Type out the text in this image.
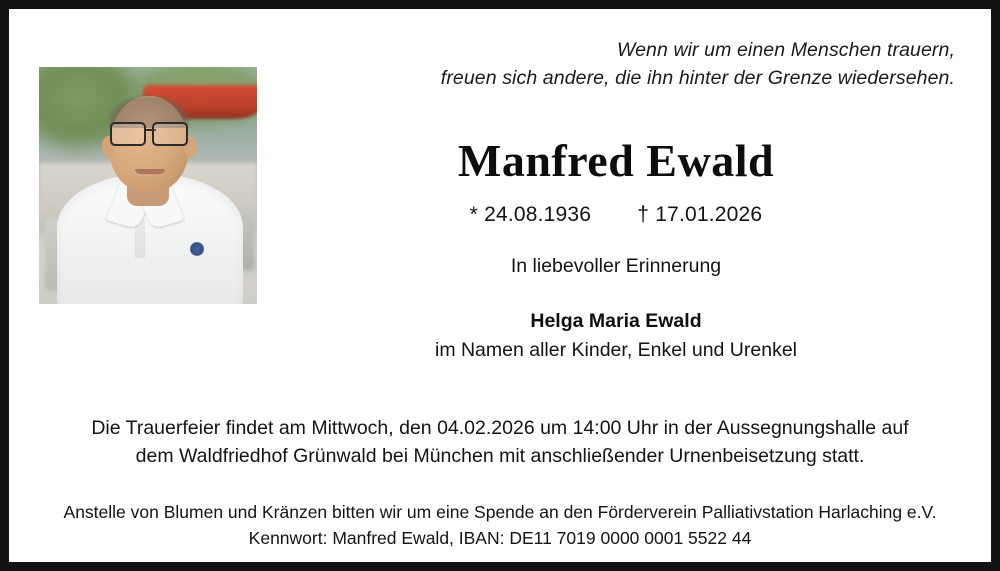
Wenn wir um einen Menschen trauern,
freuen sich andere, die ihn hinter der Grenze wiedersehen.
Manfred Ewald
* 24.08.1936 † 17.01.2026
In liebevoller Erinnerung
Helga Maria Ewald
im Namen aller Kinder, Enkel und Urenkel
Die Trauerfeier findet am Mittwoch, den 04.02.2026 um 14:00 Uhr in der Aussegnungshalle auf
dem Waldfriedhof Grünwald bei München mit anschließender Urnenbeisetzung statt.
Anstelle von Blumen und Kränzen bitten wir um eine Spende an den Förderverein Palliativstation Harlaching e.V.
Kennwort: Manfred Ewald, IBAN: DE11 7019 0000 0001 5522 44
